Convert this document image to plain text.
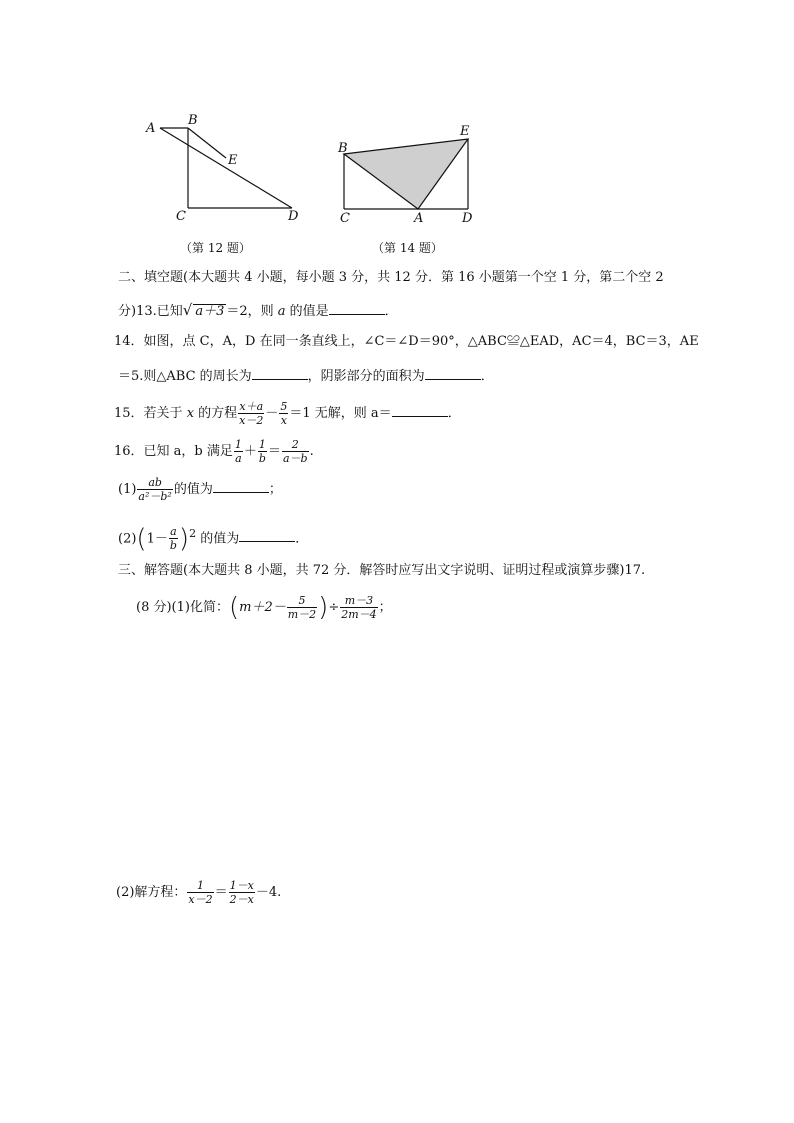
A
B
E
C	D
（第 12 题）
B
E
C	A	D
（第 14 题）
二、填空题(本大题共 4 小题，每小题 3 分，共 12 分．第 16 小题第一个空 1 分，第二个空 2
分)13.已知√ a＋3 ＝2，则 a 的值是	．
14．如图，点 C，A，D 在同一条直线上，∠C＝∠D＝90°，△ABC≌△EAD，AC＝4，BC＝3，AE
＝5.则△ABC 的周长为	，阴影部分的面积为	．
15．若关于 x 的方程 $\frac{x+a}{x-2} - \frac{5}{x} =1$ 无解，则 a＝	．
16．已知 a，b 满足 $\frac{1}{a} + \frac{1}{b} = \frac{2}{a-b}$ .
$(1) \frac{ab}{\text{a²－b²}}$ 的值为	；
$(2)(1- \frac{a}{b} )^2$ 的值为	．
三、解答题(本大题共 8 小题，共 72 分．解答时应写出文字说明、证明过程或演算步骤)17.
(8 分)(1)化简：($m+2- \frac{5}{m-2}$ )÷ $\frac{m-3}{2m-4}$ ；
(2)解方程： $\frac{1}{x-2} = \frac{1-x}{2-x} -4$.
